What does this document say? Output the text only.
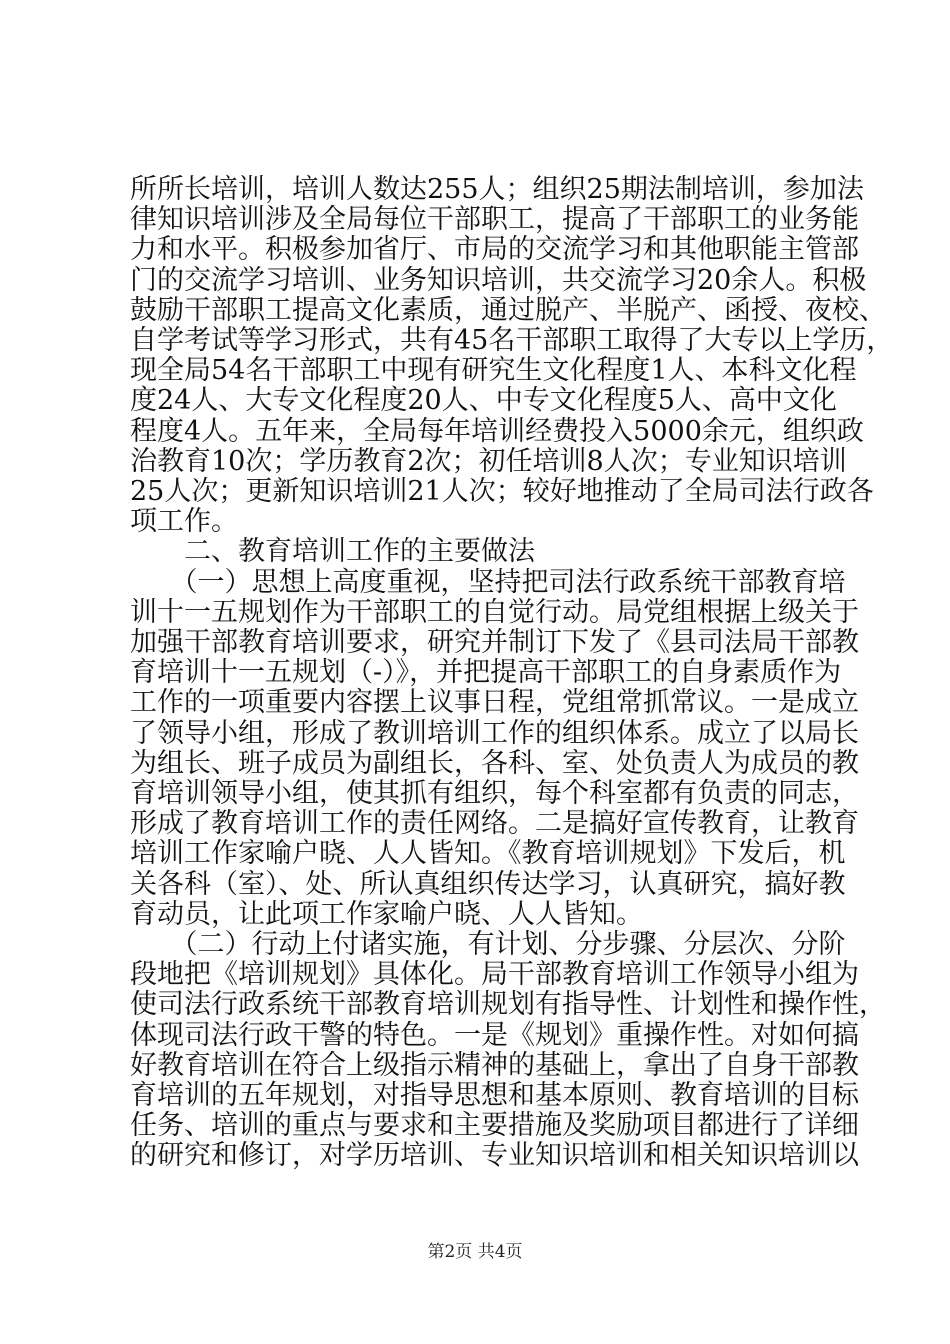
所所长培训，培训人数达255人；组织25期法制培训，参加法
律知识培训涉及全局每位干部职工，提高了干部职工的业务能
力和水平。积极参加省厅、市局的交流学习和其他职能主管部
门的交流学习培训、业务知识培训，共交流学习20余人。积极
鼓励干部职工提高文化素质，通过脱产、半脱产、函授、夜校、
自学考试等学习形式，共有45名干部职工取得了大专以上学历，
现全局54名干部职工中现有研究生文化程度1人、本科文化程
度24人、大专文化程度20人、中专文化程度5人、高中文化
程度4人。五年来，全局每年培训经费投入5000余元，组织政
治教育10次；学历教育2次；初任培训8人次；专业知识培训
25人次；更新知识培训21人次；较好地推动了全局司法行政各
项工作。
　　二、教育培训工作的主要做法
　　（一）思想上高度重视，坚持把司法行政系统干部教育培
训十一五规划作为干部职工的自觉行动。局党组根据上级关于
加强干部教育培训要求，研究并制订下发了《县司法局干部教
育培训十一五规划（-）》，并把提高干部职工的自身素质作为
工作的一项重要内容摆上议事日程，党组常抓常议。一是成立
了领导小组，形成了教训培训工作的组织体系。成立了以局长
为组长、班子成员为副组长，各科、室、处负责人为成员的教
育培训领导小组，使其抓有组织，每个科室都有负责的同志，
形成了教育培训工作的责任网络。二是搞好宣传教育，让教育
培训工作家喻户晓、人人皆知。《教育培训规划》下发后，机
关各科（室）、处、所认真组织传达学习，认真研究，搞好教
育动员，让此项工作家喻户晓、人人皆知。
　　（二）行动上付诸实施，有计划、分步骤、分层次、分阶
段地把《培训规划》具体化。局干部教育培训工作领导小组为
使司法行政系统干部教育培训规划有指导性、计划性和操作性，
体现司法行政干警的特色。一是《规划》重操作性。对如何搞
好教育培训在符合上级指示精神的基础上，拿出了自身干部教
育培训的五年规划，对指导思想和基本原则、教育培训的目标
任务、培训的重点与要求和主要措施及奖励项目都进行了详细
的研究和修订，对学历培训、专业知识培训和相关知识培训以
第2页 共4页
